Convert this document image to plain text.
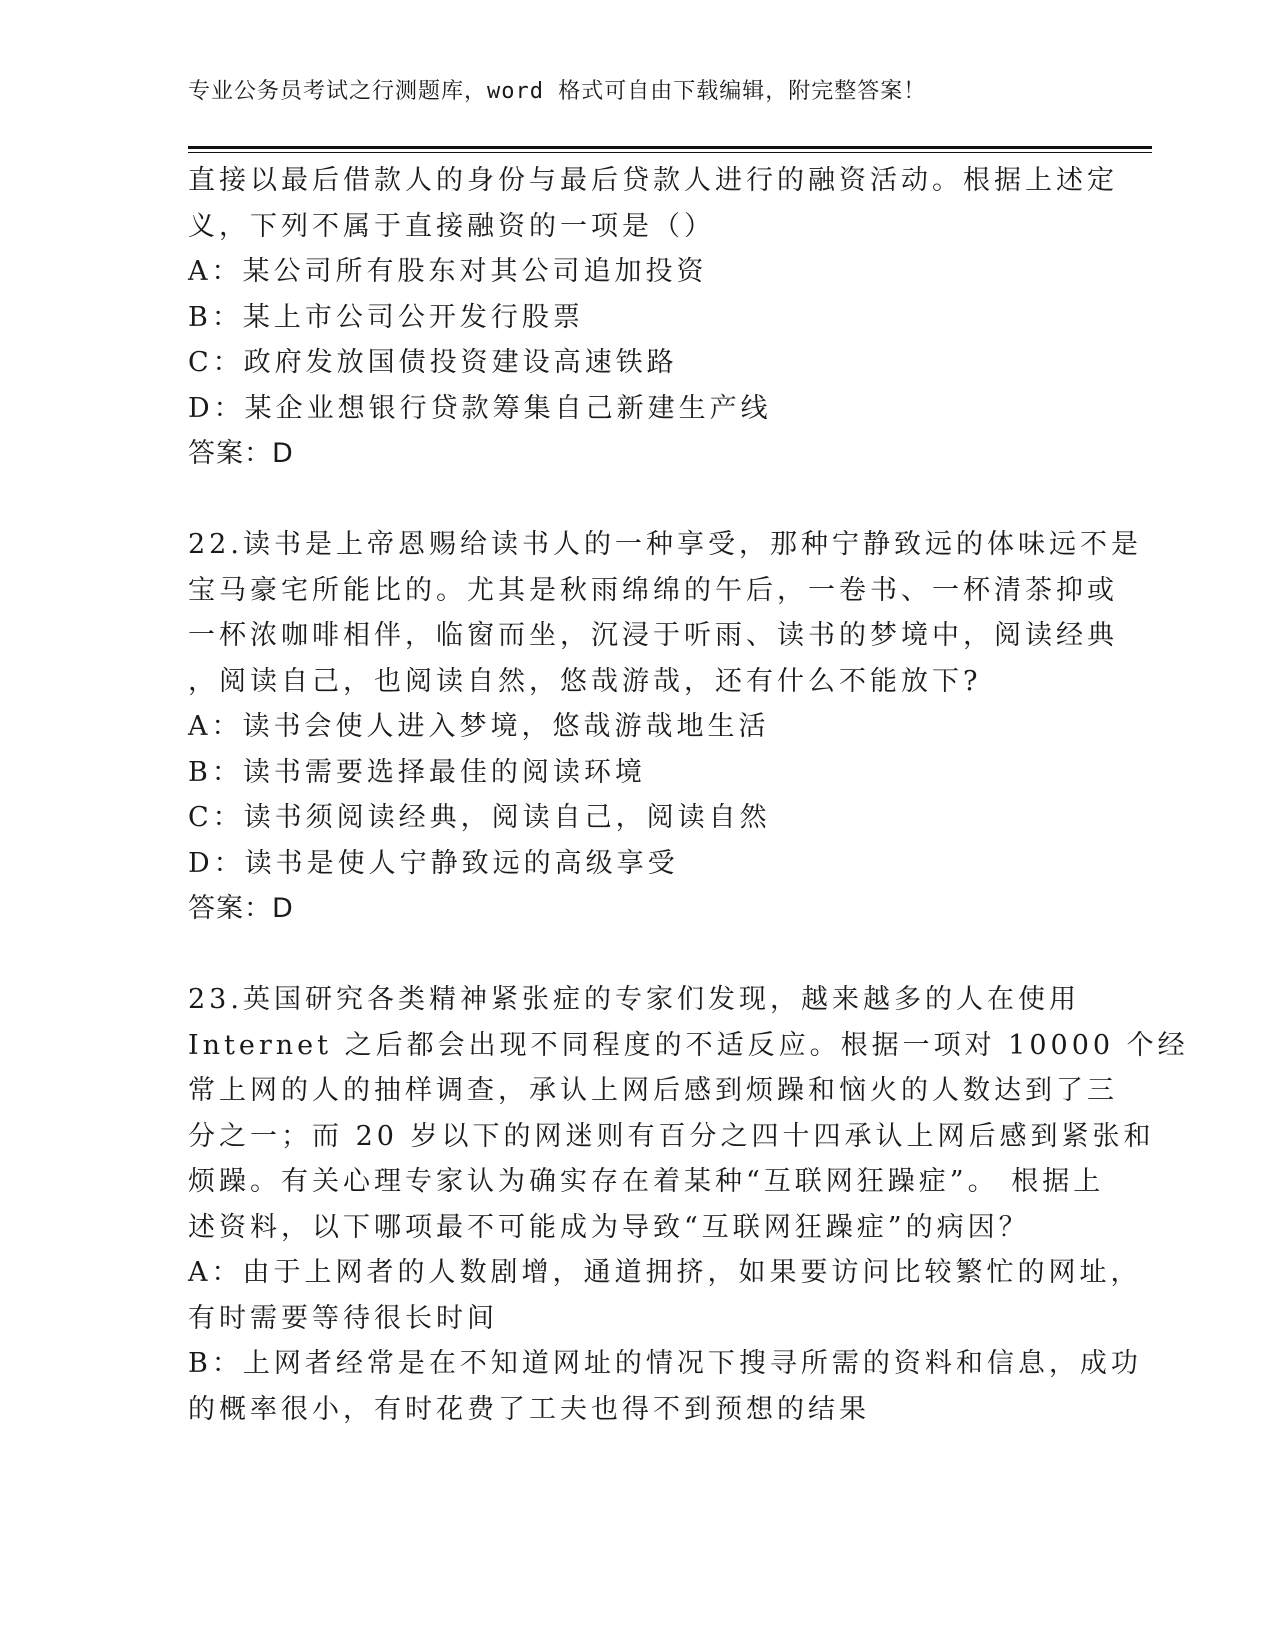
专业公务员考试之行测题库，word 格式可自由下载编辑，附完整答案！
直接以最后借款人的身份与最后贷款人进行的融资活动。根据上述定
义，下列不属于直接融资的一项是（）
A：某公司所有股东对其公司追加投资
B：某上市公司公开发行股票
C：政府发放国债投资建设高速铁路
D：某企业想银行贷款筹集自己新建生产线
答案：D
22.读书是上帝恩赐给读书人的一种享受，那种宁静致远的体味远不是
宝马豪宅所能比的。尤其是秋雨绵绵的午后，一卷书、一杯清茶抑或
一杯浓咖啡相伴，临窗而坐，沉浸于听雨、读书的梦境中，阅读经典
，阅读自己，也阅读自然，悠哉游哉，还有什么不能放下?
A：读书会使人进入梦境，悠哉游哉地生活
B：读书需要选择最佳的阅读环境
C：读书须阅读经典，阅读自己，阅读自然
D：读书是使人宁静致远的高级享受
答案：D
23.英国研究各类精神紧张症的专家们发现，越来越多的人在使用
Internet 之后都会出现不同程度的不适反应。根据一项对 10000 个经
常上网的人的抽样调查，承认上网后感到烦躁和恼火的人数达到了三
分之一；而 20 岁以下的网迷则有百分之四十四承认上网后感到紧张和
烦躁。有关心理专家认为确实存在着某种“互联网狂躁症”。 根据上
述资料，以下哪项最不可能成为导致“互联网狂躁症”的病因？
A：由于上网者的人数剧增，通道拥挤，如果要访问比较繁忙的网址，
有时需要等待很长时间
B：上网者经常是在不知道网址的情况下搜寻所需的资料和信息，成功
的概率很小，有时花费了工夫也得不到预想的结果
